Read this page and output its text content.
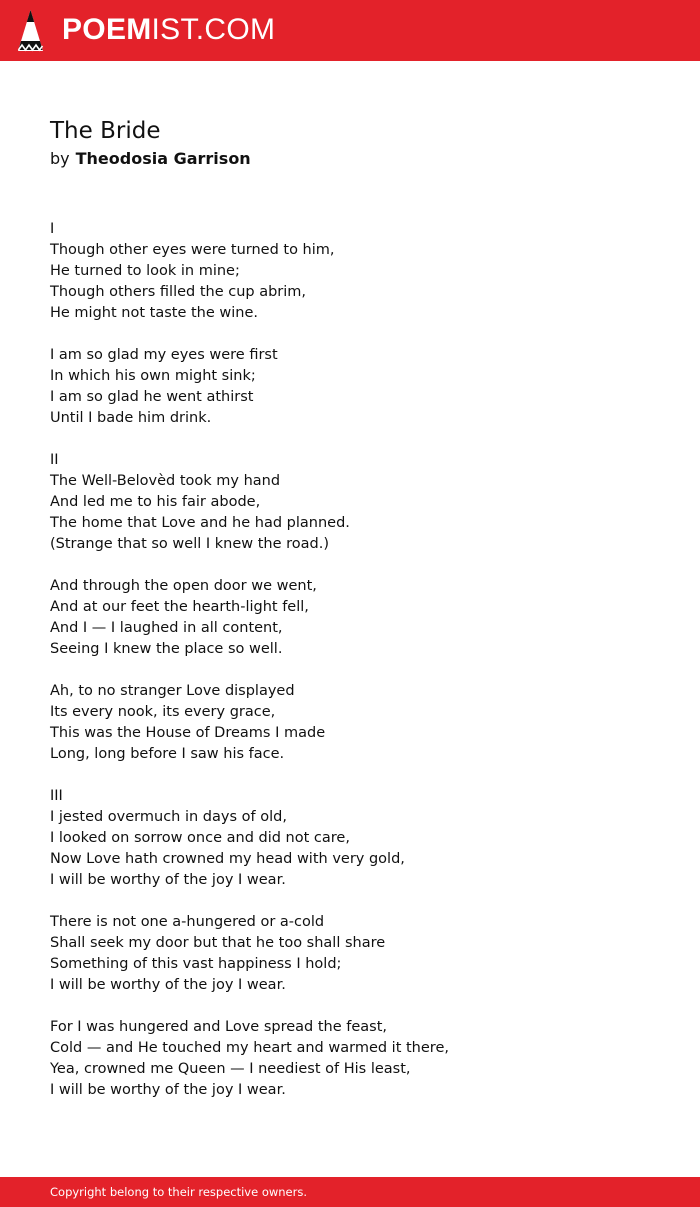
POEMIST.COM
The Bride
by Theodosia Garrison
I
Though other eyes were turned to him,
He turned to look in mine;
Though others filled the cup abrim,
He might not taste the wine.
I am so glad my eyes were first
In which his own might sink;
I am so glad he went athirst
Until I bade him drink.
II
The Well-Belovèd took my hand
And led me to his fair abode,
The home that Love and he had planned.
(Strange that so well I knew the road.)
And through the open door we went,
And at our feet the hearth-light fell,
And I — I laughed in all content,
Seeing I knew the place so well.
Ah, to no stranger Love displayed
Its every nook, its every grace,
This was the House of Dreams I made
Long, long before I saw his face.
III
I jested overmuch in days of old,
I looked on sorrow once and did not care,
Now Love hath crowned my head with very gold,
I will be worthy of the joy I wear.
There is not one a-hungered or a-cold
Shall seek my door but that he too shall share
Something of this vast happiness I hold;
I will be worthy of the joy I wear.
For I was hungered and Love spread the feast,
Cold — and He touched my heart and warmed it there,
Yea, crowned me Queen — I neediest of His least,
I will be worthy of the joy I wear.
Copyright belong to their respective owners.
